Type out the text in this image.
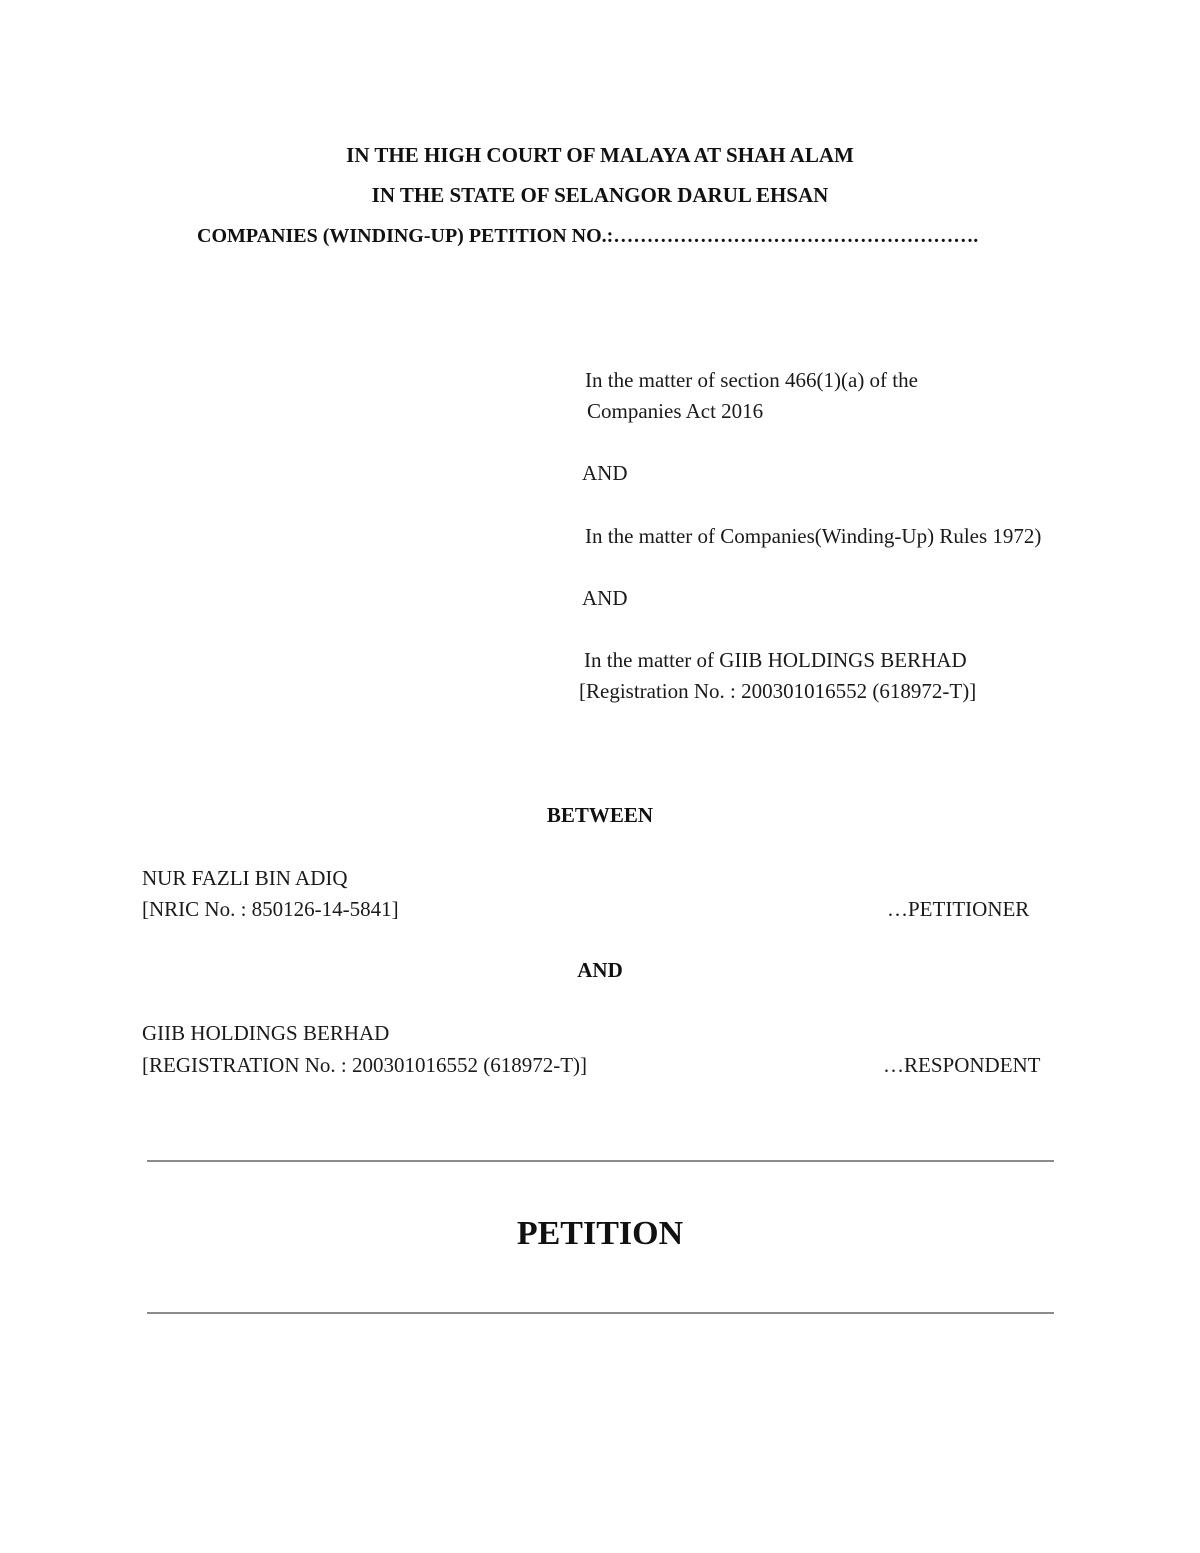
IN THE HIGH COURT OF MALAYA AT SHAH ALAM
IN THE STATE OF SELANGOR DARUL EHSAN
COMPANIES (WINDING-UP) PETITION NO.:……………………………………………….
In the matter of section 466(1)(a) of the
Companies Act 2016
AND
In the matter of Companies(Winding-Up) Rules 1972)
AND
In the matter of GIIB HOLDINGS BERHAD
[Registration No. : 200301016552 (618972-T)]
BETWEEN
NUR FAZLI BIN ADIQ
[NRIC No. : 850126-14-5841]	…PETITIONER
AND
GIIB HOLDINGS BERHAD
[REGISTRATION No. : 200301016552 (618972-T)]	…RESPONDENT
PETITION
